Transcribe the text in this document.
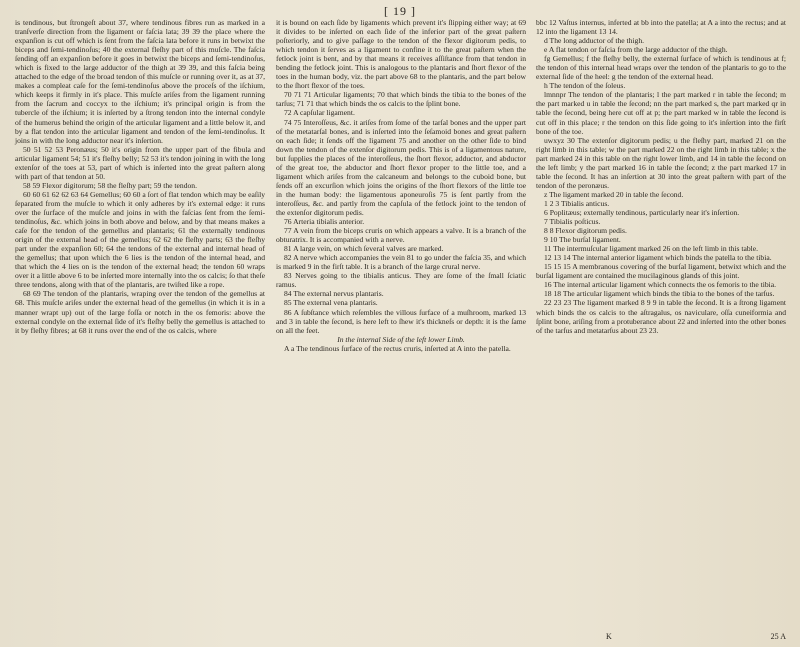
[ 19 ]

is tendinous, but ſtrongeſt about 37, where tendinous fibres run as marked in a tranſverſe direction from the ligament or faſcia lata; 39 39 the place where the expanſion is cut off which is ſent from the faſcia lata before it runs in betwixt the biceps and ſemi-tendinoſus; 40 the external fleſhy part of this muſcle. The faſcia ſending off an expanſion before it goes in betwixt the biceps and ſemi-tendinoſus, which is fixed to the large adductor of the thigh at 39 39, and this faſcia being attached to the edge of the broad tendon of this muſcle or running over it, as at 37, makes a compleat caſe for the ſemi-tendinoſus above the proceſs of the iſchium, which keeps it firmly in it's place. This muſcle ariſes from the ligament running from the ſacrum and coccyx to the iſchium; it's principal origin is from the tubercle of the iſchium; it is inſerted by a ſtrong tendon into the internal condyle of the humerus behind the origin of the articular ligament and a little below it, and by a flat tendon into the articular ligament and tendon of the ſemi-tendinoſus. It joins in with the long adductor near it's inſertion.

50 51 52 53 Peronæus; 50 it's origin from the upper part of the fibula and articular ligament 54; 51 it's fleſhy belly; 52 53 it's tendon joining in with the long extenſor of the toes at 53, part of which is inſerted into the great paſtern along with part of that tendon at 50.

58 59 Flexor digitorum; 58 the fleſhy part; 59 the tendon.

60 60 61 62 62 63 64 Gemellus; 60 60 a ſort of flat tendon which may be eaſily ſeparated from the muſcle to which it only adheres by it's external edge: it runs over the ſurface of the muſcle and joins in with the faſcias ſent from the ſemi-tendinoſus, &c. which joins in both above and below, and by that means makes a caſe for the tendon of the gemellus and plantaris; 61 the externally tendinous origin of the external head of the gemellus; 62 62 the fleſhy parts; 63 the fleſhy part under the expanſion 60; 64 the tendons of the external and internal head of the gemellus; that upon which the 6 lies is the tendon of the internal head, and that which the 4 lies on is the tendon of the external head; the tendon 60 wraps over it a little above 6 to be inſerted more internally into the os calcis; ſo that theſe three tendons, along with that of the plantaris, are twiſted like a rope.

68 69 The tendon of the plantaris, wraping over the tendon of the gemellus at 68. This muſcle ariſes under the external head of the gemellus (in which it is in a manner wrapt up) out of the large foſſa or notch in the os femoris: above the external condyle on the external ſide of it's fleſhy belly the gemellus is attached to it by fleſhy fibres; at 68 it runs over the end of the os calcis, where

it is bound on each ſide by ligaments which prevent it's ſlipping either way; at 69 it divides to be inſerted on each ſide of the inferior part of the great paſtern poſteriorly, and to give paſſage to the tendon of the flexor digitorum pedis, to which tendon it ſerves as a ligament to confine it to the great paſtern when the fetlock joint is bent, and by that means it receives aſſiſtance from that tendon in bending the fetlock joint. This is analogous to the plantaris and ſhort flexor of the toes in the human body, viz. the part above 68 to the plantaris, and the part below to the ſhort flexor of the toes.

70 71 71 Articular ligaments; 70 that which binds the tibia to the bones of the tarſus; 71 71 that which binds the os calcis to the ſplint bone.

72 A capſular ligament.

74 75 Interoſſeus, &c. it ariſes from ſome of the tarſal bones and the upper part of the metatarſal bones, and is inſerted into the ſeſamoid bones and great paſtern on each ſide; it ſends off the ligament 75 and another on the other ſide to bind down the tendon of the extenſor digitorum pedis. This is of a ligamentous nature, but ſupplies the places of the interoſſeus, the ſhort flexor, adductor, and abductor of the great toe, the abductor and ſhort flexor proper to the little toe, and a ligament which ariſes from the calcaneum and belongs to the cuboid bone, but ſends off an excurſion which joins the origins of the ſhort flexors of the little toe in the human body: the ligamentous aponeuroſis 75 is ſent partly from the interoſſeus, &c. and partly from the capſula of the fetlock joint to the tendon of the extenſor digitorum pedis.

76 Arteria tibialis anterior.

77 A vein from the biceps cruris on which appears a valve. It is a branch of the obturatrix. It is accompanied with a nerve.

81 A large vein, on which ſeveral valves are marked.

82 A nerve which accompanies the vein 81 to go under the faſcia 35, and which is marked 9 in the firſt table. It is a branch of the large crural nerve.

83 Nerves going to the tibialis anticus. They are ſome of the ſmall ſciatic ramus.

84 The external nervus plantaris.

85 The external vena plantaris.

86 A ſubſtance which reſembles the villous ſurface of a muſhroom, marked 13 and 3 in table the ſecond, is here left to ſhew it's thickneſs or depth: it is the ſame on all the feet.

In the internal Side of the left lower Limb.

A a The tendinous ſurface of the rectus cruris, inſerted at A into the patella.

bbc 12 Vaſtus internus, inferted at bb into the patella; at A a into the rectus; and at 12 into the ligament 13 14.

d The long adductor of the thigh.

e A flat tendon or faſcia from the large adductor of the thigh.

fg Gemellus; f the fleſhy belly, the external ſurface of which is tendinous at f; the tendon of this internal head wraps over the tendon of the plantaris to go to the external ſide of the heel: g the tendon of the external head.

h The tendon of the ſoleus.

lmnnpr The tendon of the plantaris; l the part marked r in table the ſecond; m the part marked u in table the ſecond; nn the part marked s, the part marked qr in table the ſecond, being here cut off at p; the part marked w in table the ſecond is cut off in this place; r the tendon on this ſide going to it's inſertion into the firſt bone of the toe.

uwxyz 30 The extenſor digitorum pedis; u the fleſhy part, marked 21 on the right limb in this table; w the part marked 22 on the right limb in this table; x the part marked 24 in this table on the right lower limb, and 14 in table the ſecond on the left limb; y the part marked 16 in table the ſecond; z the part marked 17 in table the ſecond. It has an inſertion at 30 into the great paſtern with part of the tendon of the peronæus.

z The ligament marked 20 in table the ſecond.

1 2 3 Tibialis anticus.

6 Poplitæus; externally tendinous, particularly near it's inſertion.

7 Tibialis poſticus.

8 8 Flexor digitorum pedis.

9 10 The burſal ligament.

11 The intermuſcular ligament marked 26 on the left limb in this table.

12 13 14 The internal anterior ligament which binds the patella to the tibia.

15 15 15 A membranous covering of the burſal ligament, betwixt which and the burſal ligament are contained the mucilaginous glands of this joint.

16 The internal articular ligament which connects the os femoris to the tibia.

18 18 The articular ligament which binds the tibia to the bones of the tarſus.

22 23 23 The ligament marked 8 9 9 in table the ſecond. It is a ſtrong ligament which binds the os calcis to the aſtragalus, os naviculare, oſſa cuneiformia and ſplint bone, ariſing from a protuberance about 22 and inſerted into the other bones of the tarſus and metatarſus about 23 23.

K	25 A
